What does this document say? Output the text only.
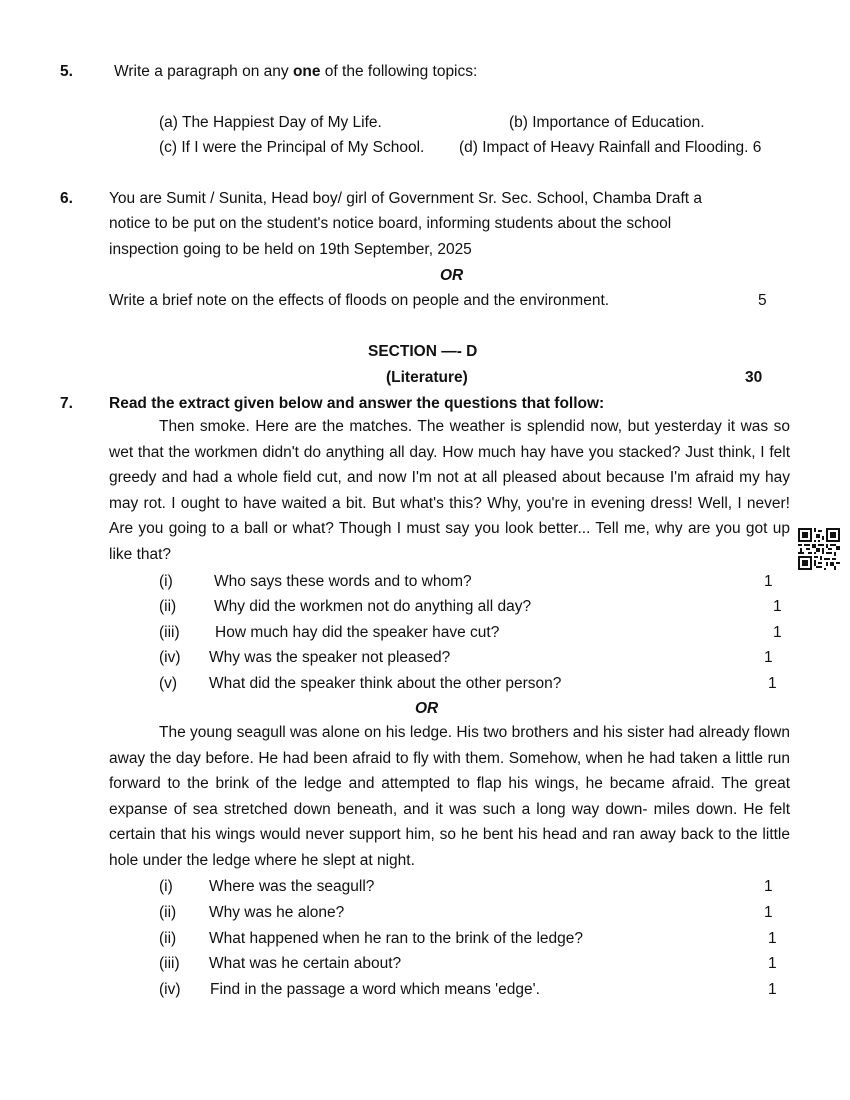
5.	Write a paragraph on any one of the following topics:
(a) The Happiest Day of My Life.	(b) Importance of Education.
(c) If I were the Principal of My School. (d) Impact of Heavy Rainfall and Flooding. 6
6. You are Sumit / Sunita, Head boy/ girl of Government Sr. Sec. School, Chamba Draft a
notice to be put on the student's notice board, informing students about the school
inspection going to be held on 19th September, 2025
OR
Write a brief note on the effects of floods on people and the environment.	5
SECTION —- D
(Literature)	30
7. Read the extract given below and answer the questions that follow:
Then smoke. Here are the matches. The weather is splendid now, but yesterday it was so wet that the workmen didn't do anything all day. How much hay have you stacked? Just think, I felt greedy and had a whole field cut, and now I'm not at all pleased about because I'm afraid my hay may rot. I ought to have waited a bit. But what's this? Why, you're in evening dress! Well, I never! Are you going to a ball or what? Though I must say you look better... Tell me, why are you got up like that?
(i)	Who says these words and to whom?	1
(ii) Why did the workmen not do anything all day?	1
(iii) How much hay did the speaker have cut?	1
(iv) Why was the speaker not pleased?	1
(v) What did the speaker think about the other person?	1
OR
The young seagull was alone on his ledge. His two brothers and his sister had already flown away the day before. He had been afraid to fly with them. Somehow, when he had taken a little run forward to the brink of the ledge and attempted to flap his wings, he became afraid. The great expanse of sea stretched down beneath, and it was such a long way down- miles down. He felt certain that his wings would never support him, so he bent his head and ran away back to the little hole under the ledge where he slept at night.
(i) Where was the seagull?	1
(ii) Why was he alone?	1
(ii) What happened when he ran to the brink of the ledge?	1
(iii) What was he certain about?	1
(iv) Find in the passage a word which means 'edge'.	1
